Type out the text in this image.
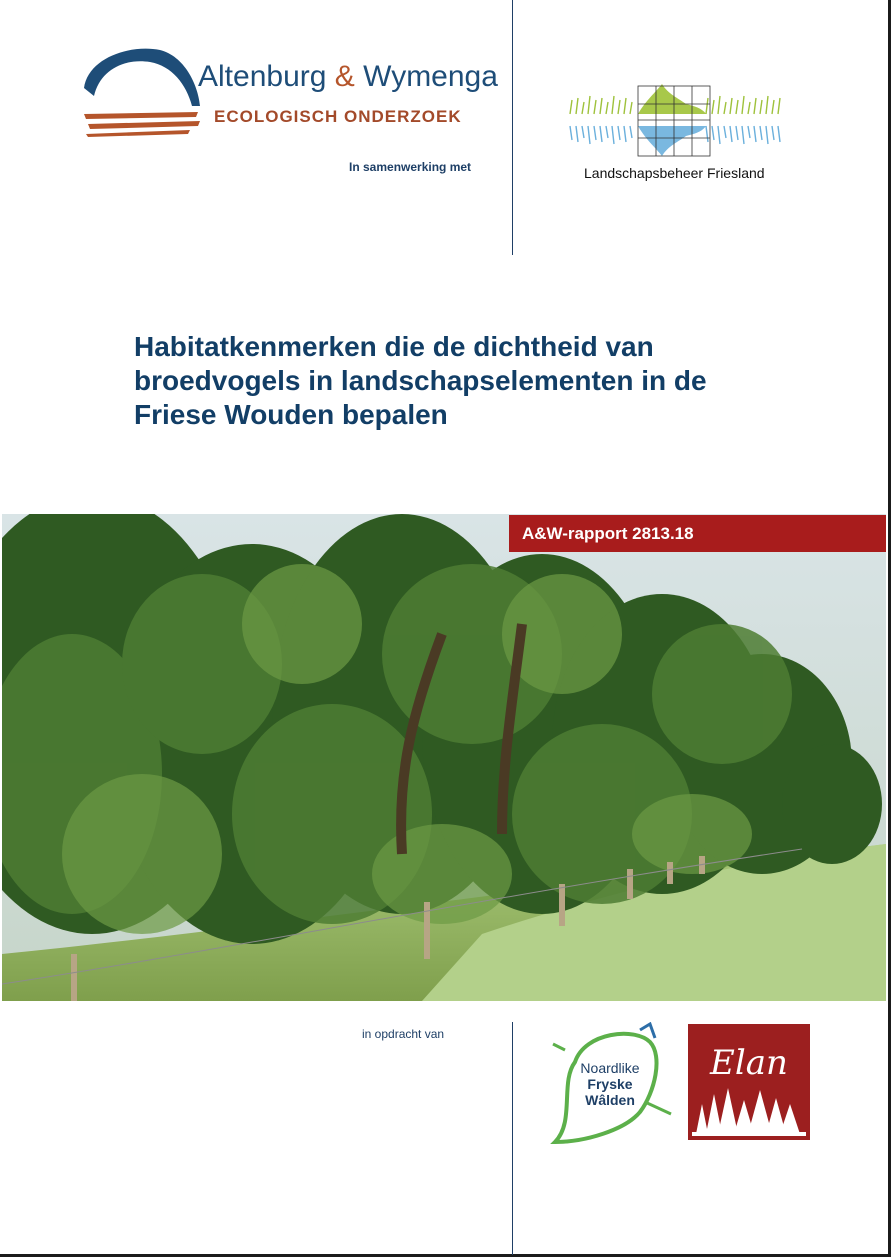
Altenburg & Wymenga
ECOLOGISCH ONDERZOEK
In samenwerking met	Landschapsbeheer Friesland
Habitatkenmerken die de dichtheid van broedvogels in landschapselementen in de Friese Wouden bepalen
A&W-rapport 2813.18
in opdracht van
Noardlike
Fryske
Wâlden
Elan
